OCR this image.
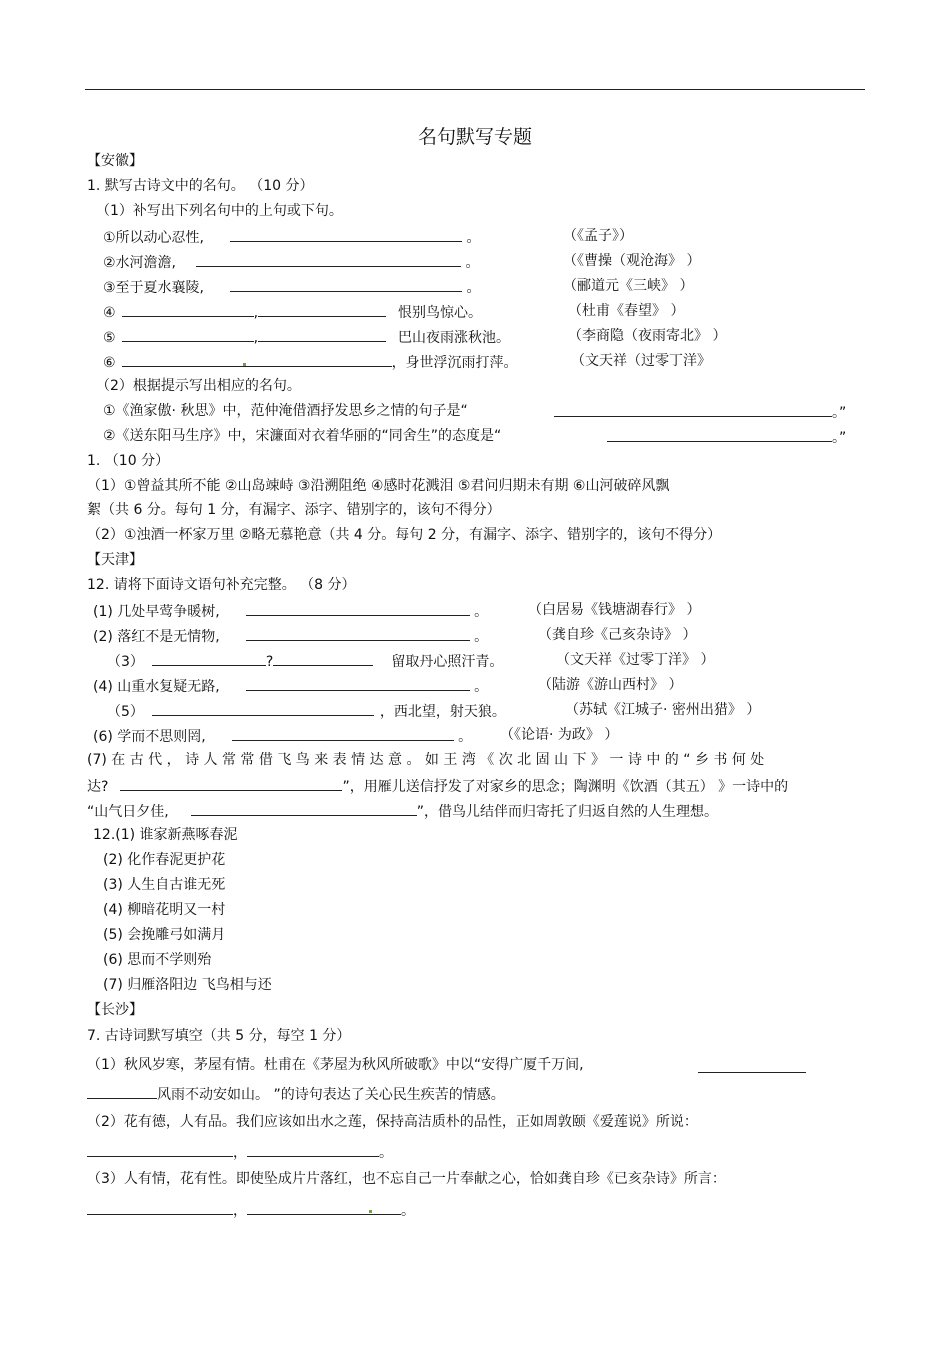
名句默写专题
【安徽】
1. 默写古诗文中的名句。 （10 分）
（1）补写出下列名句中的上句或下句。
①所以动心忍性,	。	（《孟子》）
②水河澹澹,	。	（《曹操（观沧海》 ）
③至于夏水襄陵,	。	（郦道元《三峡》 ）
④	,	恨别鸟惊心。	（杜甫《春望》 ）
⑤	,	巴山夜雨涨秋池。	（李商隐（夜雨寄北》 ）
⑥	，身世浮沉雨打萍。	（文天祥（过零丁洋》
（2）根据提示写出相应的名句。
①《渔家傲· 秋思》中，范仲淹借酒抒发思乡之情的句子是“	。”
②《送东阳马生序》中，宋濂面对衣着华丽的“同舍生”的态度是“	。”
1. （10 分）
（1）①曾益其所不能 ②山岛竦峙 ③沿溯阻绝 ④感时花溅泪 ⑤君问归期未有期 ⑥山河破碎风飘
絮（共 6 分。每句 1 分，有漏字、添字、错别字的，该句不得分）
（2）①浊酒一杯家万里 ②略无慕艳意（共 4 分。每句 2 分，有漏字、添字、错别字的，该句不得分）
【天津】
12. 请将下面诗文语句补充完整。 （8 分）
(1) 几处早莺争暖树,	。	（白居易《钱塘湖春行》 ）
(2) 落红不是无情物,	。	（龚自珍《己亥杂诗》 ）
（3）	?	留取丹心照汗青。	（文天祥《过零丁洋》 ）
(4) 山重水复疑无路,	。	（陆游《游山西村》 ）
（5）	，西北望，射天狼。	（苏轼《江城子· 密州出猎》 ）
(6) 学而不思则罔,	。 （《论语· 为政》 ）
(7) 在 古 代 ， 诗 人 常 常 借 飞 鸟 来 表 情 达 意 。 如 王 湾 《 次 北 固 山 下 》 一 诗 中 的 “ 乡 书 何 处
达?	”，用雁儿送信抒发了对家乡的思念；陶渊明《饮酒（其五） 》一诗中的
“山气日夕佳,	”，借鸟儿结伴而归寄托了归返自然的人生理想。
12.(1) 谁家新燕啄春泥
(2) 化作春泥更护花
(3) 人生自古谁无死
(4) 柳暗花明又一村
(5) 会挽雕弓如满月
(6) 思而不学则殆
(7) 归雁洛阳边 飞鸟相与还
【长沙】
7. 古诗词默写填空（共 5 分，每空 1 分）
（1）秋风岁寒，茅屋有情。杜甫在《茅屋为秋风所破歌》中以“安得广厦千万间,
风雨不动安如山。 ”的诗句表达了关心民生疾苦的情感。
（2）花有德，人有品。我们应该如出水之莲，保持高洁质朴的品性，正如周敦颐《爱莲说》所说：
，	。
（3）人有情，花有性。即使坠成片片落红，也不忘自己一片奉献之心，恰如龚自珍《已亥杂诗》所言：
，	。
